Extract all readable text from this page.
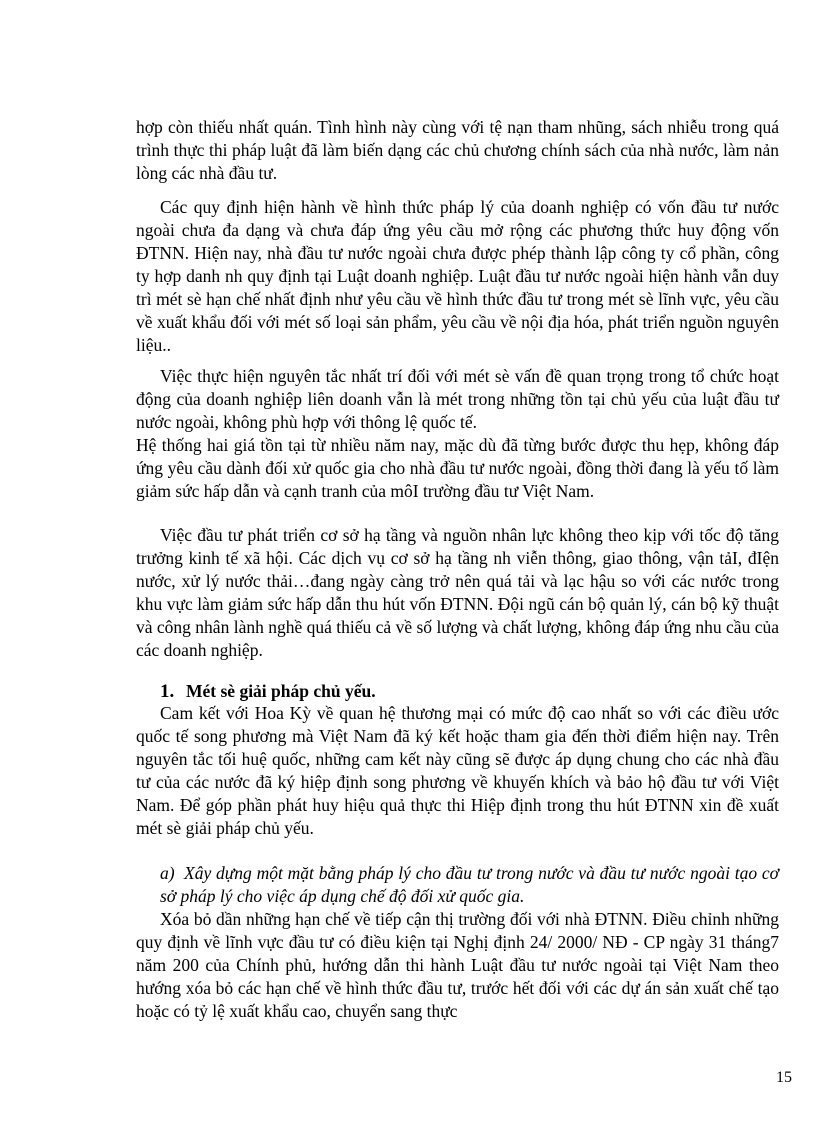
hợp còn thiếu nhất quán. Tình hình này cùng với tệ nạn tham nhũng, sách nhiễu trong quá trình thực thi pháp luật đã làm biến dạng các chủ chương chính sách của nhà nước, làm nản lòng các nhà đầu tư.

Các quy định hiện hành về hình thức pháp lý của doanh nghiệp có vốn đầu tư nước ngoài chưa đa dạng và chưa đáp ứng yêu cầu mở rộng các phương thức huy động vốn ĐTNN. Hiện nay, nhà đầu tư nước ngoài chưa được phép thành lập công ty cổ phần, công ty hợp danh nh quy định tại Luật doanh nghiệp. Luật đầu tư nước ngoài hiện hành vẫn duy trì mét sè hạn chế nhất định như yêu cầu về hình thức đầu tư trong mét sè lĩnh vực, yêu cầu về xuất khẩu đối với mét số loại sản phẩm, yêu cầu về nội địa hóa, phát triển nguồn nguyên liệu..

Việc thực hiện nguyên tắc nhất trí đối với mét sè vấn đề quan trọng trong tổ chức hoạt động của doanh nghiệp liên doanh vẫn là mét trong những tồn tại chủ yếu của luật đầu tư nước ngoài, không phù hợp với thông lệ quốc tế.

Hệ thống hai giá tồn tại từ nhiều năm nay, mặc dù đã từng bước được thu hẹp, không đáp ứng yêu cầu dành đối xử quốc gia cho nhà đầu tư nước ngoài, đồng thời đang là yếu tố làm giảm sức hấp dẫn và cạnh tranh của môI trường đầu tư Việt Nam.

Việc đầu tư phát triển cơ sở hạ tầng và nguồn nhân lực không theo kịp với tốc độ tăng trưởng kinh tế xã hội. Các dịch vụ cơ sở hạ tầng nh viễn thông, giao thông, vận tảI, đIện nước, xử lý nước thải…đang ngày càng trở nên quá tải và lạc hậu so với các nước trong khu vực làm giảm sức hấp dẫn thu hút vốn ĐTNN. Đội ngũ cán bộ quản lý, cán bộ kỹ thuật và công nhân lành nghề quá thiếu cả về số lượng và chất lượng, không đáp ứng nhu cầu của các doanh nghiệp.

1. Mét sè giải pháp chủ yếu.

Cam kết với Hoa Kỳ về quan hệ thương mại có mức độ cao nhất so với các điều ước quốc tế song phương mà Việt Nam đã ký kết hoặc tham gia đến thời điểm hiện nay. Trên nguyên tắc tối huệ quốc, những cam kết này cũng sẽ được áp dụng chung cho các nhà đầu tư của các nước đã ký hiệp định song phương về khuyến khích và bảo hộ đầu tư với Việt Nam. Để góp phần phát huy hiệu quả thực thi Hiệp định trong thu hút ĐTNN xin đề xuất mét sè giải pháp chủ yếu.

a) Xây dựng một mặt bằng pháp lý cho đầu tư trong nước và đầu tư nước ngoài tạo cơ sở pháp lý cho việc áp dụng chế độ đối xử quốc gia.

Xóa bỏ dần những hạn chế về tiếp cận thị trường đối với nhà ĐTNN. Điều chỉnh những quy định về lĩnh vực đầu tư có điều kiện tại Nghị định 24/ 2000/ NĐ - CP ngày 31 tháng7 năm 200 của Chính phủ, hướng dẫn thi hành Luật đầu tư nước ngoài tại Việt Nam theo hướng xóa bỏ các hạn chế về hình thức đầu tư, trước hết đối với các dự án sản xuất chế tạo hoặc có tỷ lệ xuất khẩu cao, chuyển sang thực

15
